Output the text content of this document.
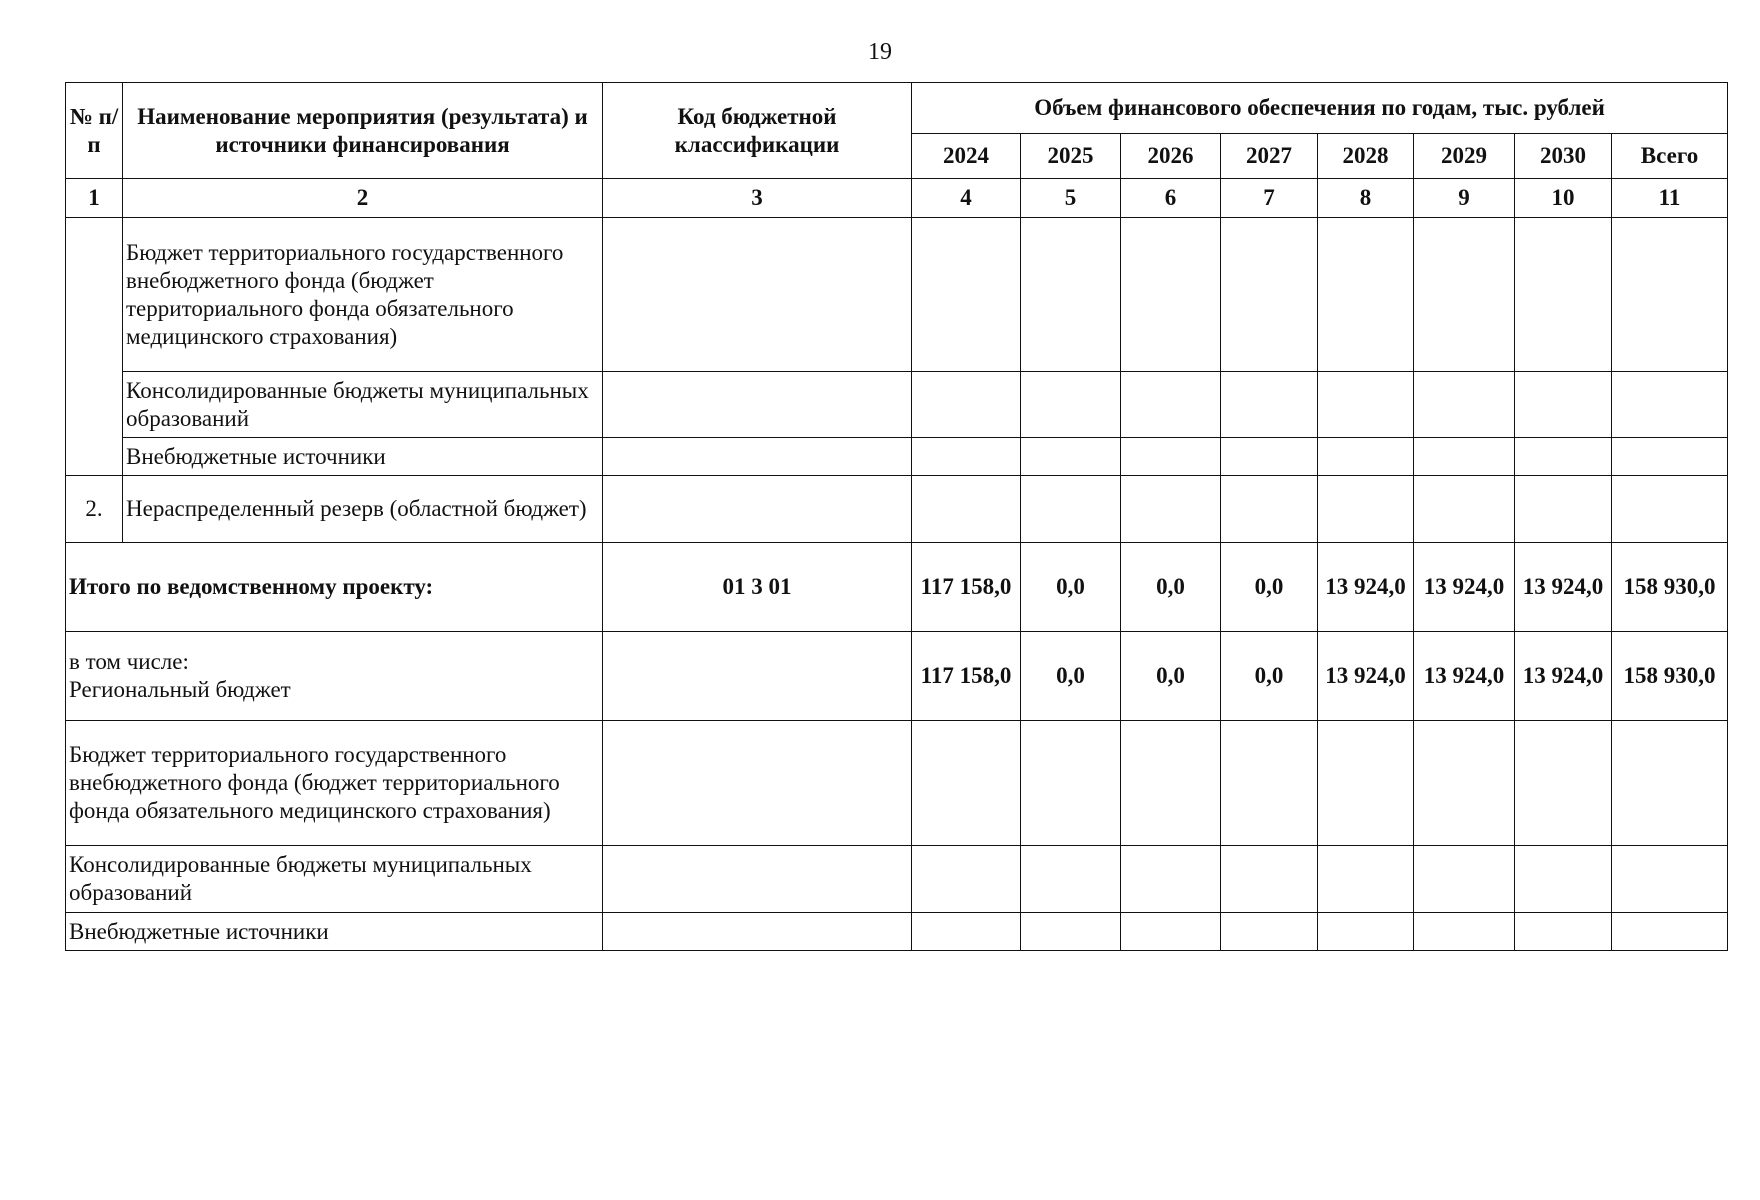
19
№ п/п	Наименование мероприятия (результата) и источники финансирования	Код бюджетной классификации	Объем финансового обеспечения по годам, тыс. рублей							
			2024	2025	2026	2027	2028	2029	2030	Всего
1	2	3	4	5	6	7	8	9	10	11
	Бюджет территориального государственного внебюджетного фонда (бюджет территориального фонда обязательного медицинского страхования)									
	Консолидированные бюджеты муниципальных образований									
	Внебюджетные источники									
2.	Нераспределенный резерв (областной бюджет)									
Итого по ведомственному проекту:		01 3 01	117 158,0	0,0	0,0	0,0	13 924,0	13 924,0	13 924,0	158 930,0

в том числе:
Региональный бюджет			117 158,0	0,0	0,0	0,0	13 924,0	13 924,0	13 924,0	158 930,0
Бюджет территориального государственного внебюджетного фонда (бюджет территориального фонда обязательного медицинского страхования)										
Консолидированные бюджеты муниципальных образований										
Внебюджетные источники										
